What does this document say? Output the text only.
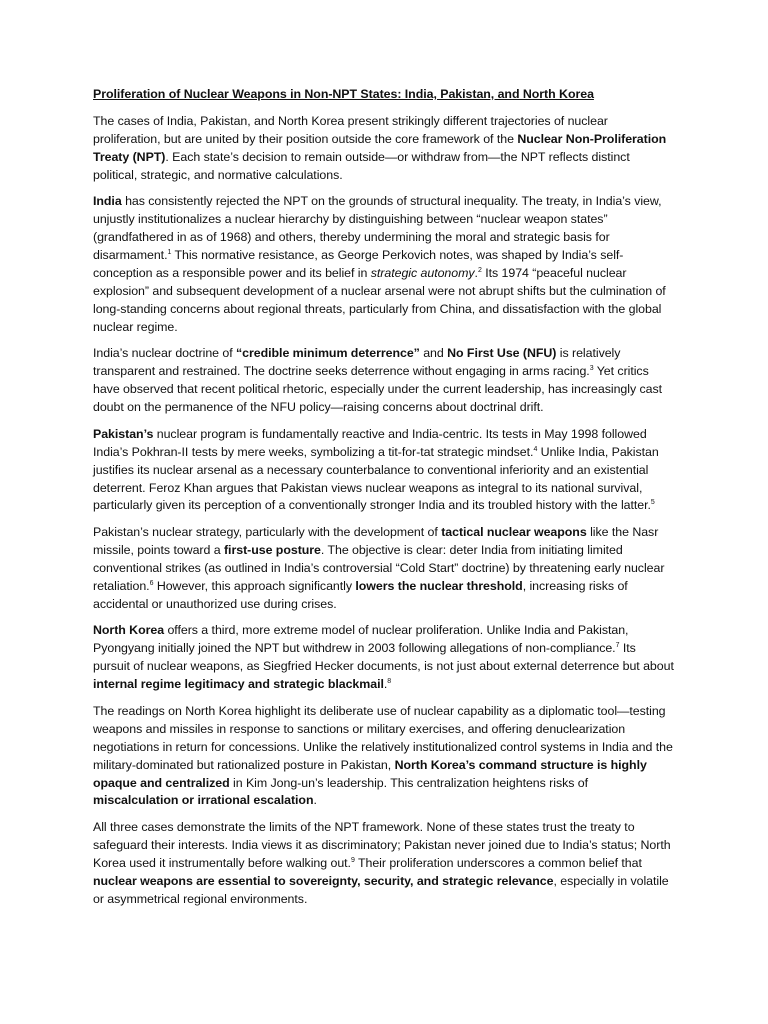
Proliferation of Nuclear Weapons in Non-NPT States: India, Pakistan, and North Korea

The cases of India, Pakistan, and North Korea present strikingly different trajectories of nuclear proliferation, but are united by their position outside the core framework of the Nuclear Non-Proliferation Treaty (NPT). Each state’s decision to remain outside—or withdraw from—the NPT reflects distinct political, strategic, and normative calculations.

India has consistently rejected the NPT on the grounds of structural inequality. The treaty, in India’s view, unjustly institutionalizes a nuclear hierarchy by distinguishing between “nuclear weapon states” (grandfathered in as of 1968) and others, thereby undermining the moral and strategic basis for disarmament.$^1$ This normative resistance, as George Perkovich notes, was shaped by India’s self-conception as a responsible power and its belief in strategic autonomy.$^2$ Its 1974 “peaceful nuclear explosion” and subsequent development of a nuclear arsenal were not abrupt shifts but the culmination of long-standing concerns about regional threats, particularly from China, and dissatisfaction with the global nuclear regime.

India’s nuclear doctrine of “credible minimum deterrence” and No First Use (NFU) is relatively transparent and restrained. The doctrine seeks deterrence without engaging in arms racing.$^3$ Yet critics have observed that recent political rhetoric, especially under the current leadership, has increasingly cast doubt on the permanence of the NFU policy—raising concerns about doctrinal drift.

Pakistan’s nuclear program is fundamentally reactive and India-centric. Its tests in May 1998 followed India’s Pokhran-II tests by mere weeks, symbolizing a tit-for-tat strategic mindset.$^4$ Unlike India, Pakistan justifies its nuclear arsenal as a necessary counterbalance to conventional inferiority and an existential deterrent. Feroz Khan argues that Pakistan views nuclear weapons as integral to its national survival, particularly given its perception of a conventionally stronger India and its troubled history with the latter.$^5$

Pakistan’s nuclear strategy, particularly with the development of tactical nuclear weapons like the Nasr missile, points toward a first-use posture. The objective is clear: deter India from initiating limited conventional strikes (as outlined in India’s controversial “Cold Start” doctrine) by threatening early nuclear retaliation.$^6$ However, this approach significantly lowers the nuclear threshold, increasing risks of accidental or unauthorized use during crises.

North Korea offers a third, more extreme model of nuclear proliferation. Unlike India and Pakistan, Pyongyang initially joined the NPT but withdrew in 2003 following allegations of non-compliance.$^7$ Its pursuit of nuclear weapons, as Siegfried Hecker documents, is not just about external deterrence but about internal regime legitimacy and strategic blackmail.$^8$

The readings on North Korea highlight its deliberate use of nuclear capability as a diplomatic tool—testing weapons and missiles in response to sanctions or military exercises, and offering denuclearization negotiations in return for concessions. Unlike the relatively institutionalized control systems in India and the military-dominated but rationalized posture in Pakistan, North Korea’s command structure is highly opaque and centralized in Kim Jong-un’s leadership. This centralization heightens risks of miscalculation or irrational escalation.

All three cases demonstrate the limits of the NPT framework. None of these states trust the treaty to safeguard their interests. India views it as discriminatory; Pakistan never joined due to India’s status; North Korea used it instrumentally before walking out.$^9$ Their proliferation underscores a common belief that nuclear weapons are essential to sovereignty, security, and strategic relevance, especially in volatile or asymmetrical regional environments.
